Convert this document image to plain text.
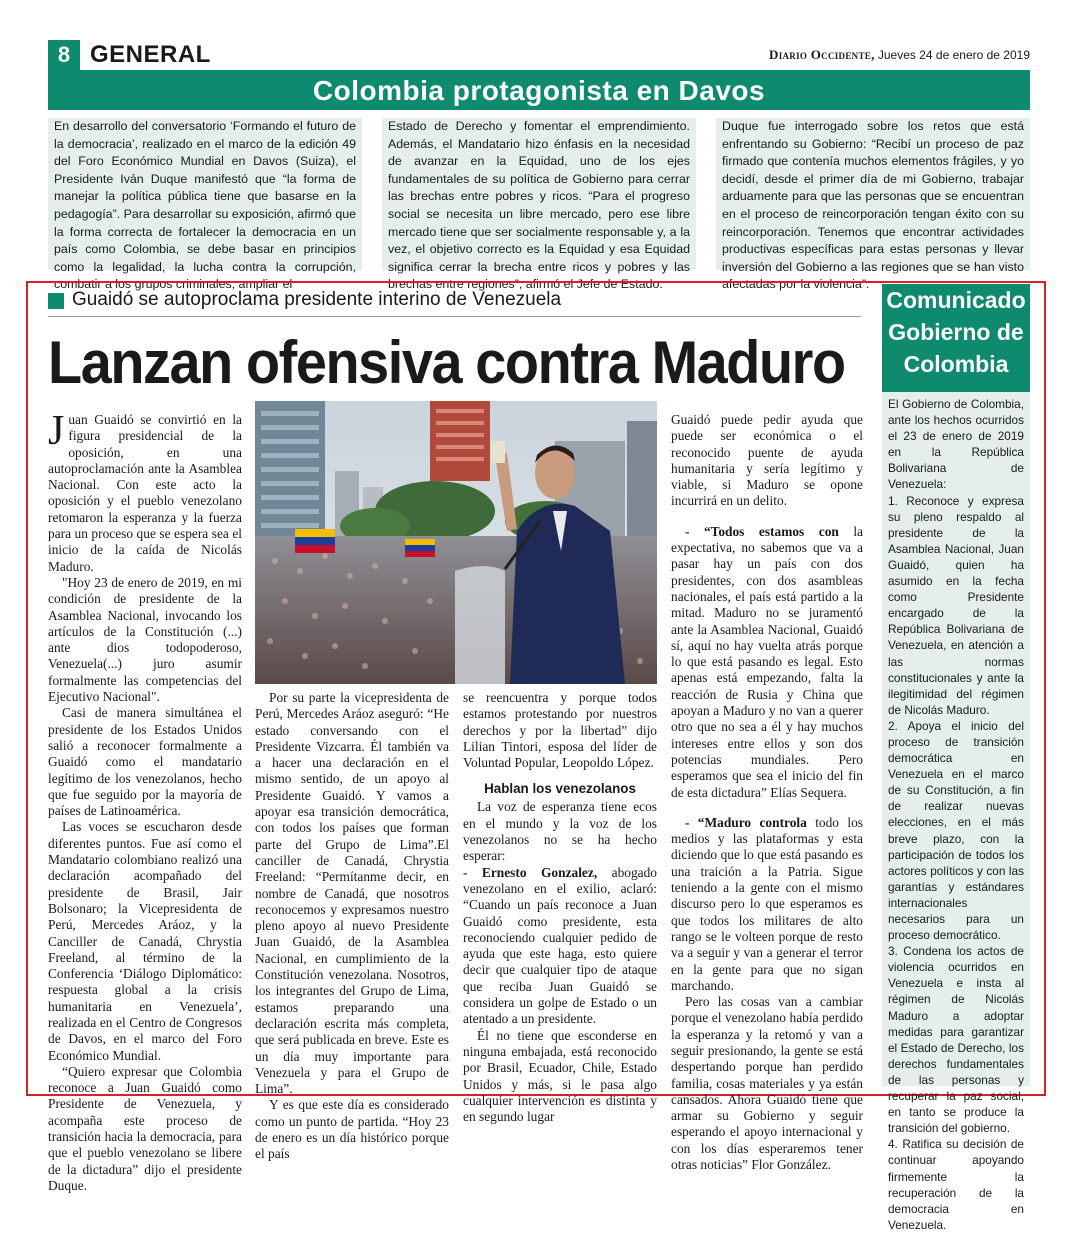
8 GENERAL	Diario Occidente, Jueves 24 de enero de 2019
Colombia protagonista en Davos
En desarrollo del conversatorio ‘Formando el futuro de la democracia’, realizado en el marco de la edición 49 del Foro Económico Mundial en Davos (Suiza), el Presidente Iván Duque manifestó que “la forma de manejar la política pública tiene que basarse en la pedagogía”. Para desarrollar su exposición, afirmó que la forma correcta de fortalecer la democracia en un país como Colombia, se debe basar en principios como la legalidad, la lucha contra la corrupción, combatir a los grupos criminales, ampliar el
Estado de Derecho y fomentar el emprendimiento. Además, el Mandatario hizo énfasis en la necesidad de avanzar en la Equidad, uno de los ejes fundamentales de su política de Gobierno para cerrar las brechas entre pobres y ricos. “Para el progreso social se necesita un libre mercado, pero ese libre mercado tiene que ser socialmente responsable y, a la vez, el objetivo correcto es la Equidad y esa Equidad significa cerrar la brecha entre ricos y pobres y las brechas entre regiones”, afirmó el Jefe de Estado.
Duque fue interrogado sobre los retos que está enfrentando su Gobierno: “Recibí un proceso de paz firmado que contenía muchos elementos frágiles, y yo decidí, desde el primer día de mi Gobierno, trabajar arduamente para que las personas que se encuentran en el proceso de reincorporación tengan éxito con su reincorporación. Tenemos que encontrar actividades productivas específicas para estas personas y llevar inversión del Gobierno a las regiones que se han visto afectadas por la violencia”.
Guaidó se autoproclama presidente interino de Venezuela
Lanzan ofensiva contra Maduro

Juan Guaidó se convirtió en la figura presidencial de la oposición, en una autoproclamación ante la Asamblea Nacional. Con este acto la oposición y el pueblo venezolano retomaron la esperanza y la fuerza para un proceso que se espera sea el inicio de la caída de Nicolás Maduro.

"Hoy 23 de enero de 2019, en mi condición de presidente de la Asamblea Nacional, invocando los artículos de la Constitución (...) ante dios todopoderoso, Venezuela(...) juro asumir formalmente las competencias del Ejecutivo Nacional".

Casi de manera simultánea el presidente de los Estados Unidos salió a reconocer formalmente a Guaidó como el mandatario legítimo de los venezolanos, hecho que fue seguido por la mayoría de países de Latinoamérica.

Las voces se escucharon desde diferentes puntos. Fue así como el Mandatario colombiano realizó una declaración acompañado del presidente de Brasil, Jair Bolsonaro; la Vicepresidenta de Perú, Mercedes Aráoz, y la Canciller de Canadá, Chrystia Freeland, al término de la Conferencia ‘Diálogo Diplomático: respuesta global a la crisis humanitaria en Venezuela’, realizada en el Centro de Congresos de Davos, en el marco del Foro Económico Mundial.

“Quiero expresar que Colombia reconoce a Juan Guaidó como Presidente de Venezuela, y acompaña este proceso de transición hacia la democracia, para que el pueblo venezolano se libere de la dictadura” dijo el presidente Duque.

Por su parte la vicepresidenta de Perú, Mercedes Aráoz aseguró: “He estado conversando con el Presidente Vizcarra. Él también va a hacer una declaración en el mismo sentido, de un apoyo al Presidente Guaidó. Y vamos a apoyar esa transición democrática, con todos los países que forman parte del Grupo de Lima”.El canciller de Canadá, Chrystia Freeland: “Permítanme decir, en nombre de Canadá, que nosotros reconocemos y expresamos nuestro pleno apoyo al nuevo Presidente Juan Guaidó, de la Asamblea Nacional, en cumplimiento de la Constitución venezolana. Nosotros, los integrantes del Grupo de Lima, estamos preparando una declaración escrita más completa, que será publicada en breve. Este es un día muy importante para Venezuela y para el Grupo de Lima”.

Y es que este día es considerado como un punto de partida. “Hoy 23 de enero es un día histórico porque el país

se reencuentra y porque todos estamos protestando por nuestros derechos y por la libertad” dijo Lilian Tintori, esposa del líder de Voluntad Popular, Leopoldo López.

Hablan los venezolanos

La voz de esperanza tiene ecos en el mundo y la voz de los venezolanos no se ha hecho esperar:

- Ernesto Gonzalez, abogado venezolano en el exilio, aclaró: “Cuando un país reconoce a Juan Guaidó como presidente, esta reconociendo cualquier pedido de ayuda que este haga, esto quiere decir que cualquier tipo de ataque que reciba Juan Guaidó se considera un golpe de Estado o un atentado a un presidente.

Él no tiene que esconderse en ninguna embajada, está reconocido por Brasil, Ecuador, Chile, Estado Unidos y más, si le pasa algo cualquier intervención es distinta y en segundo lugar

Guaidó puede pedir ayuda que puede ser económica o el reconocido puente de ayuda humanitaria y sería legítimo y viable, si Maduro se opone incurrirá en un delito.

- “Todos estamos con la expectativa, no sabemos que va a pasar hay un país con dos presidentes, con dos asambleas nacionales, el país está partido a la mitad. Maduro no se juramentó ante la Asamblea Nacional, Guaidó sí, aquí no hay vuelta atrás porque lo que está pasando es legal. Esto apenas está empezando, falta la reacción de Rusia y China que apoyan a Maduro y no van a querer otro que no sea a él y hay muchos intereses entre ellos y son dos potencias mundiales. Pero esperamos que sea el inicio del fin de esta dictadura” Elías Sequera.

- “Maduro controla todo los medios y las plataformas y esta diciendo que lo que está pasando es una traición a la Patria. Sigue teniendo a la gente con el mismo discurso pero lo que esperamos es que todos los militares de alto rango se le volteen porque de resto va a seguir y van a generar el terror en la gente para que no sigan marchando.

Pero las cosas van a cambiar porque el venezolano había perdido la esperanza y la retomó y van a seguir presionando, la gente se está despertando porque han perdido familia, cosas materiales y ya están cansados. Ahora Guaidó tiene que armar su Gobierno y seguir esperando el apoyo internacional y con los días esperaremos tener otras noticias” Flor González.

Comunicado Gobierno de Colombia

El Gobierno de Colombia, ante los hechos ocurridos el 23 de enero de 2019 en la República Bolivariana de Venezuela:

1. Reconoce y expresa su pleno respaldo al presidente de la Asamblea Nacional, Juan Guaidó, quien ha asumido en la fecha como Presidente encargado de la República Bolivariana de Venezuela, en atención a las normas constitucionales y ante la ilegitimidad del régimen de Nicolás Maduro.

2. Apoya el inicio del proceso de transición democrática en Venezuela en el marco de su Constitución, a fin de realizar nuevas elecciones, en el más breve plazo, con la participación de todos los actores políticos y con las garantías y estándares internacionales necesarios para un proceso democrático.

3. Condena los actos de violencia ocurridos en Venezuela e insta al régimen de Nicolás Maduro a adoptar medidas para garantizar el Estado de Derecho, los derechos fundamentales de las personas y recuperar la paz social, en tanto se produce la transición del gobierno.

4. Ratifica su decisión de continuar apoyando firmemente la recuperación de la democracia en Venezuela.
